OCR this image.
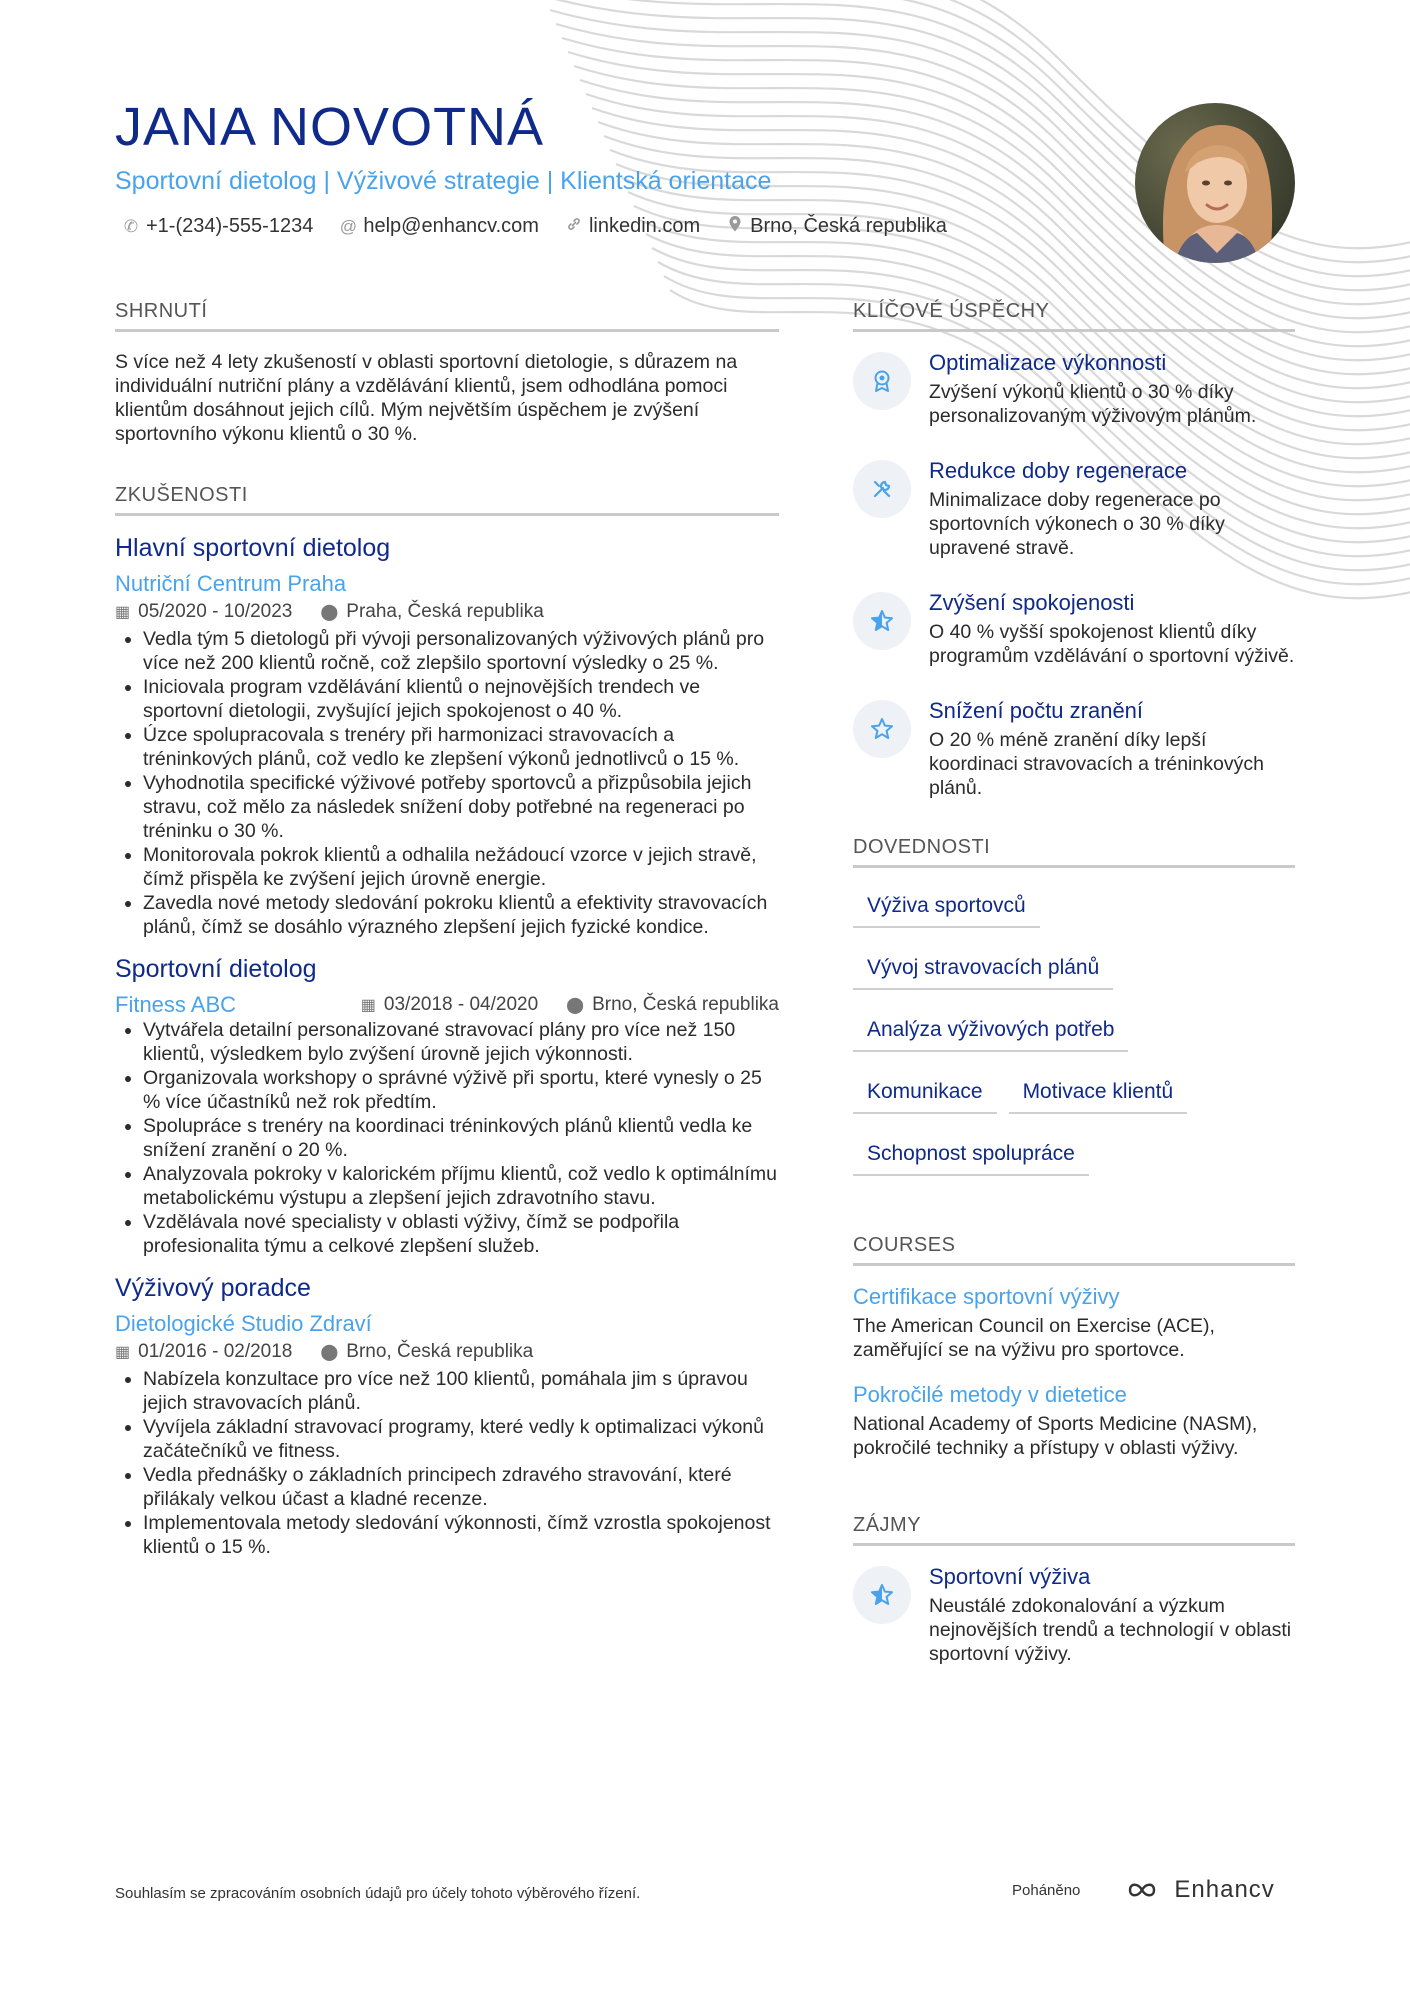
JANA NOVOTNÁ
Sportovní dietolog | Výživové strategie | Klientská orientace
✆ +1-(234)-555-1234 @ help@enhancv.com	linkedin.com	Brno, Česká republika
SHRNUTÍ
S více než 4 lety zkušeností v oblasti sportovní dietologie, s důrazem na individuální nutriční plány a vzdělávání klientů, jsem odhodlána pomoci klientům dosáhnout jejich cílů. Mým největším úspěchem je zvýšení sportovního výkonu klientů o 30 %.
ZKUŠENOSTI
Hlavní sportovní dietolog
Nutriční Centrum Praha
▦ 05/2020 - 10/2023 ⬤ Praha, Česká republika
• Vedla tým 5 dietologů při vývoji personalizovaných výživových plánů pro více než 200 klientů ročně, což zlepšilo sportovní výsledky o 25 %.
• Iniciovala program vzdělávání klientů o nejnovějších trendech ve sportovní dietologii, zvyšující jejich spokojenost o 40 %.
• Úzce spolupracovala s trenéry při harmonizaci stravovacích a tréninkových plánů, což vedlo ke zlepšení výkonů jednotlivců o 15 %.
• Vyhodnotila specifické výživové potřeby sportovců a přizpůsobila jejich stravu, což mělo za následek snížení doby potřebné na regeneraci po tréninku o 30 %.
• Monitorovala pokrok klientů a odhalila nežádoucí vzorce v jejich stravě, čímž přispěla ke zvýšení jejich úrovně energie.
• Zavedla nové metody sledování pokroku klientů a efektivity stravovacích plánů, čímž se dosáhlo výrazného zlepšení jejich fyzické kondice.
Sportovní dietolog
Fitness ABC	▦ 03/2018 - 04/2020 ⬤ Brno, Česká republika
• Vytvářela detailní personalizované stravovací plány pro více než 150 klientů, výsledkem bylo zvýšení úrovně jejich výkonnosti.
• Organizovala workshopy o správné výživě při sportu, které vynesly o 25 % více účastníků než rok předtím.
• Spolupráce s trenéry na koordinaci tréninkových plánů klientů vedla ke snížení zranění o 20 %.
• Analyzovala pokroky v kalorickém příjmu klientů, což vedlo k optimálnímu metabolickému výstupu a zlepšení jejich zdravotního stavu.
• Vzdělávala nové specialisty v oblasti výživy, čímž se podpořila profesionalita týmu a celkové zlepšení služeb.
Výživový poradce
Dietologické Studio Zdraví
▦ 01/2016 - 02/2018 ⬤ Brno, Česká republika
• Nabízela konzultace pro více než 100 klientů, pomáhala jim s úpravou jejich stravovacích plánů.
• Vyvíjela základní stravovací programy, které vedly k optimalizaci výkonů začátečníků ve fitness.
• Vedla přednášky o základních principech zdravého stravování, které přilákaly velkou účast a kladné recenze.
• Implementovala metody sledování výkonnosti, čímž vzrostla spokojenost klientů o 15 %.
KLÍČOVÉ ÚSPĚCHY
Optimalizace výkonnosti
Zvýšení výkonů klientů o 30 % díky personalizovaným výživovým plánům.
Redukce doby regenerace
Minimalizace doby regenerace po sportovních výkonech o 30 % díky upravené stravě.
Zvýšení spokojenosti
O 40 % vyšší spokojenost klientů díky programům vzdělávání o sportovní výživě.
Snížení počtu zranění
O 20 % méně zranění díky lepší koordinaci stravovacích a tréninkových plánů.
DOVEDNOSTI
Výživa sportovců
Vývoj stravovacích plánů
Analýza výživových potřeb
Komunikace	Motivace klientů
Schopnost spolupráce
COURSES
Certifikace sportovní výživy
The American Council on Exercise (ACE), zaměřující se na výživu pro sportovce.
Pokročilé metody v dietetice
National Academy of Sports Medicine (NASM), pokročilé techniky a přístupy v oblasti výživy.
ZÁJMY
Sportovní výživa
Neustálé zdokonalování a výzkum nejnovějších trendů a technologií v oblasti sportovní výživy.
Souhlasím se zpracováním osobních údajů pro účely tohoto výběrového řízení.	Poháněno	Enhancv
